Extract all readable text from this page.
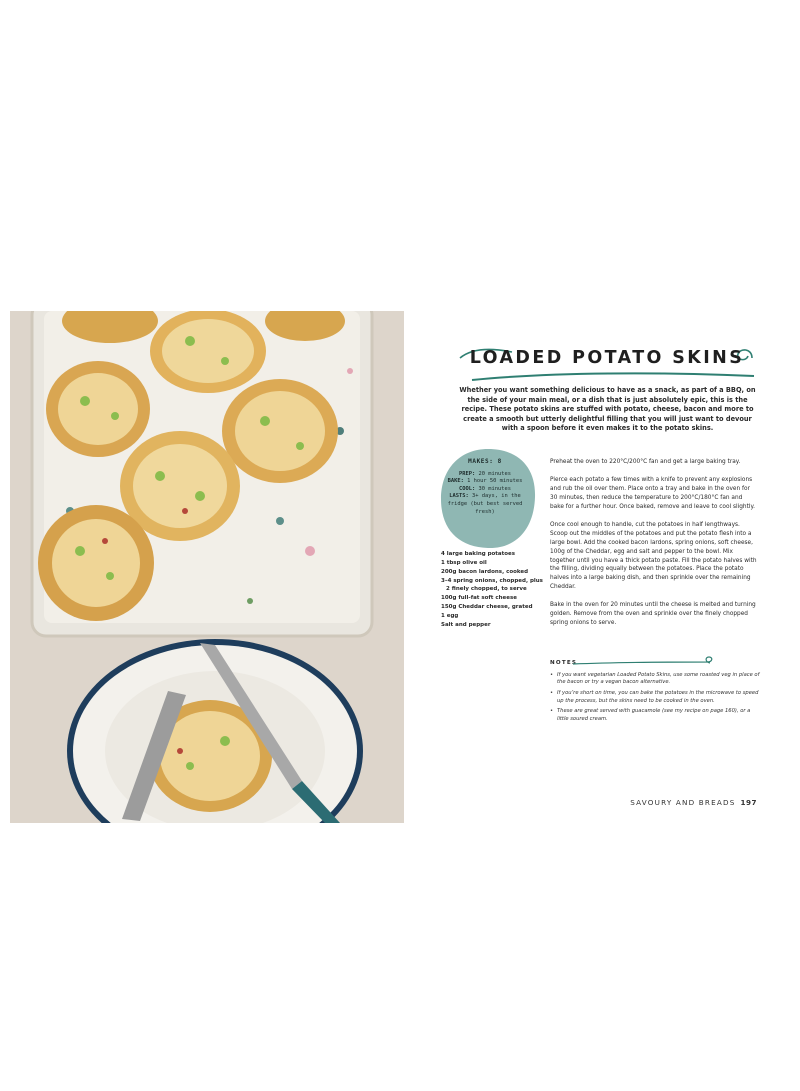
LOADED POTATO SKINS

Whether you want something delicious to have as a snack, as part of a BBQ, on the side of your main meal, or a dish that is just absolutely epic, this is the recipe. These potato skins are stuffed with potato, cheese, bacon and more to create a smooth but utterly delightful filling that you will just want to devour with a spoon before it even makes it to the potato skins.

MAKES: 8
PREP: 20 minutes
BAKE: 1 hour 50 minutes
COOL: 30 minutes
LASTS: 3+ days, in the fridge (but best served fresh)
4 large baking potatoes
1 tbsp olive oil
200g bacon lardons, cooked
3–4 spring onions, chopped, plus
2 finely chopped, to serve
100g full-fat soft cheese
150g Cheddar cheese, grated
1 egg
Salt and pepper

Preheat the oven to 220°C/200°C fan and get a large baking tray.

Pierce each potato a few times with a knife to prevent any explosions and rub the oil over them. Place onto a tray and bake in the oven for 30 minutes, then reduce the temperature to 200°C/180°C fan and bake for a further hour. Once baked, remove and leave to cool slightly.

Once cool enough to handle, cut the potatoes in half lengthways. Scoop out the middles of the potatoes and put the potato flesh into a large bowl. Add the cooked bacon lardons, spring onions, soft cheese, 100g of the Cheddar, egg and salt and pepper to the bowl. Mix together until you have a thick potato paste. Fill the potato halves with the filling, dividing equally between the potatoes. Place the potato halves into a large baking dish, and then sprinkle over the remaining Cheddar.

Bake in the oven for 20 minutes until the cheese is melted and turning golden. Remove from the oven and sprinkle over the finely chopped spring onions to serve.

NOTES
• If you want vegetarian Loaded Potato Skins, use some roasted veg in place of the bacon or try a vegan bacon alternative.
• If you’re short on time, you can bake the potatoes in the microwave to speed up the process, but the skins need to be cooked in the oven.
• These are great served with guacamole (see my recipe on page 160), or a little soured cream.
SAVOURY AND BREADS 197
